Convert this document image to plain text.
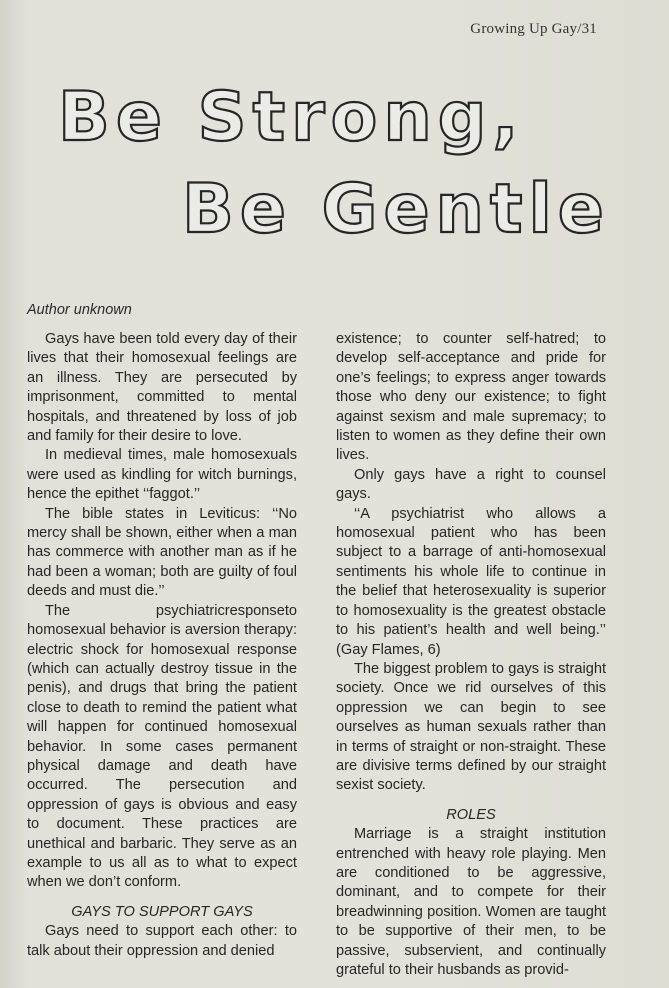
Growing Up Gay/31
Be Strong,
Be Gentle
Author unknown

Gays have been told every day of their lives that their homosexual feelings are an illness. They are persecuted by imprisonment, committed to mental hospitals, and threatened by loss of job and family for their desire to love.

In medieval times, male homosexuals were used as kindling for witch burnings, hence the epithet ‘‘faggot.’’

The bible states in Leviticus: ‘‘No mercy shall be shown, either when a man has commerce with another man as if he had been a woman; both are guilty of foul deeds and must die.’’

The psychiatricresponseto homosexual behavior is aversion therapy: electric shock for homosexual response (which can actually destroy tissue in the penis), and drugs that bring the patient close to death to remind the patient what will happen for continued homosexual behavior. In some cases permanent physical damage and death have occurred. The persecution and oppression of gays is obvious and easy to document. These practices are unethical and barbaric. They serve as an example to us all as to what to expect when we don’t conform.

GAYS TO SUPPORT GAYS

Gays need to support each other: to talk about their oppression and denied

existence; to counter self-hatred; to develop self-acceptance and pride for one’s feelings; to express anger towards those who deny our existence; to fight against sexism and male supremacy; to listen to women as they define their own lives.

Only gays have a right to counsel gays.

‘‘A psychiatrist who allows a homosexual patient who has been subject to a barrage of anti-homosexual sentiments his whole life to continue in the belief that heterosexuality is superior to homosexuality is the greatest obstacle to his patient’s health and well being.’’ (Gay Flames, 6)

The biggest problem to gays is straight society. Once we rid ourselves of this oppression we can begin to see ourselves as human sexuals rather than in terms of straight or non-straight. These are divisive terms defined by our straight sexist society.

ROLES

Marriage is a straight institution entrenched with heavy role playing. Men are conditioned to be aggressive, dominant, and to compete for their breadwinning position. Women are taught to be supportive of their men, to be passive, subservient, and continually grateful to their husbands as provid-
